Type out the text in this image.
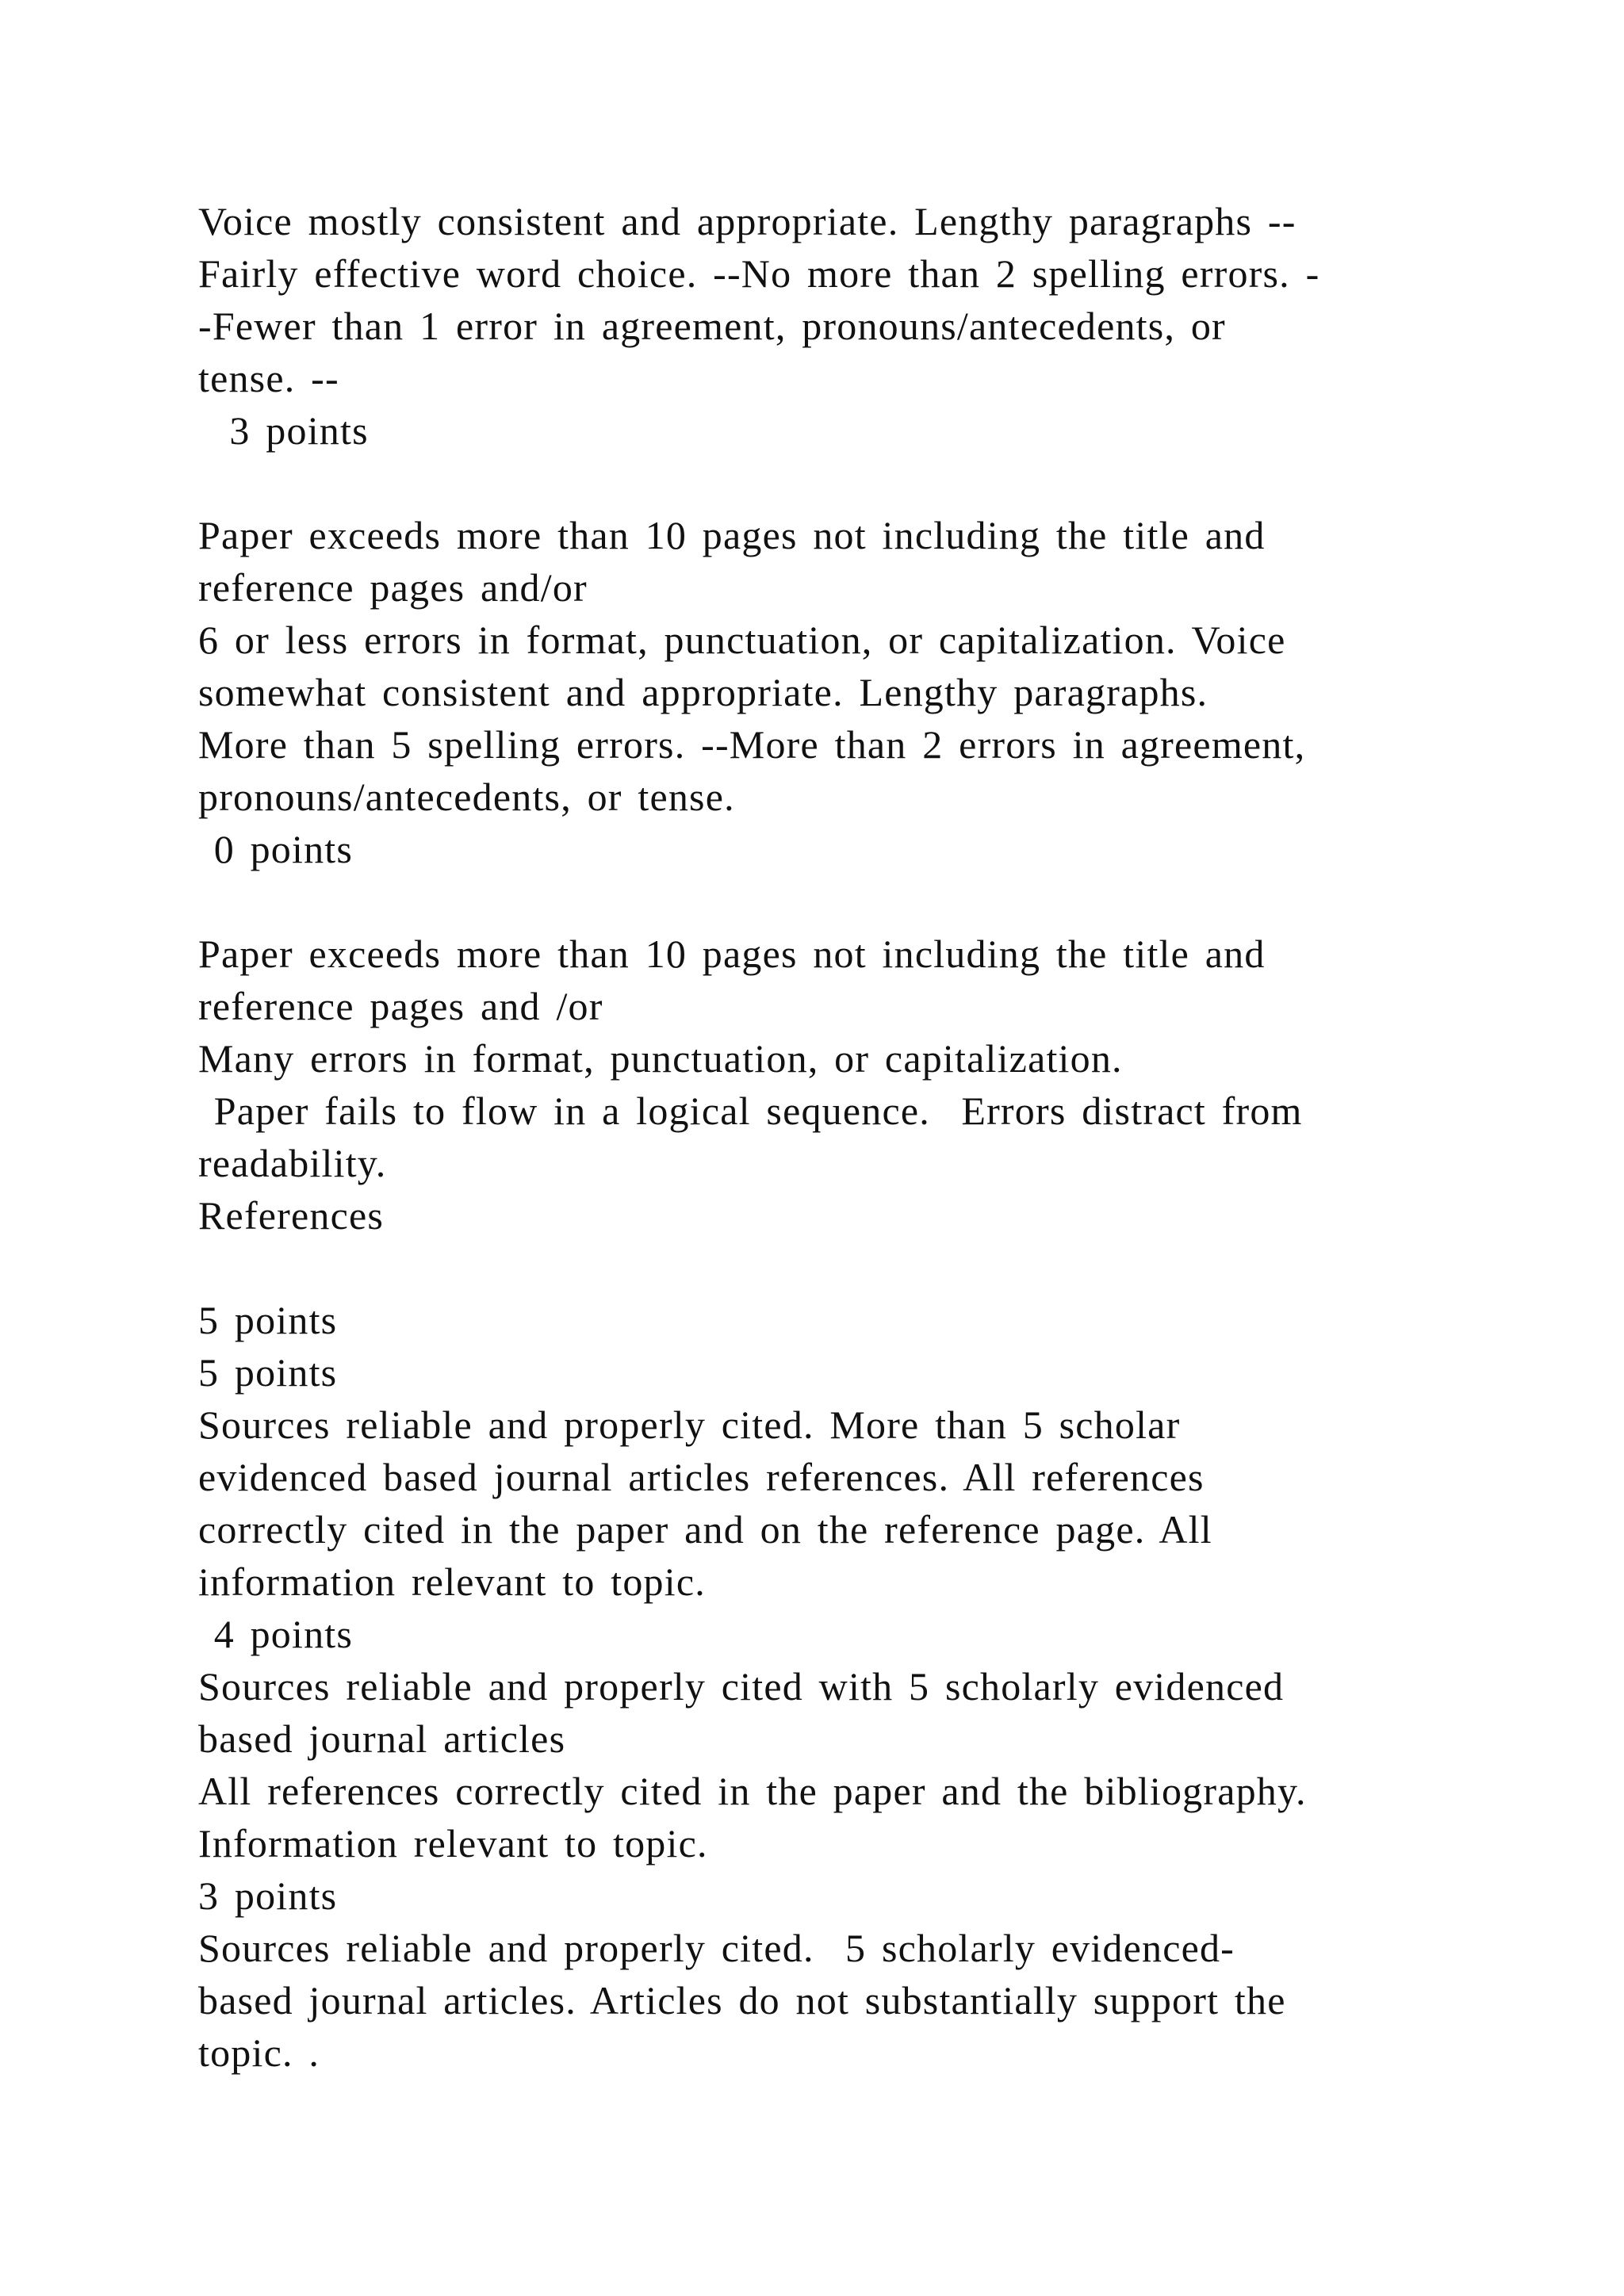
Voice mostly consistent and appropriate. Lengthy paragraphs --
Fairly effective word choice. --No more than 2 spelling errors. -
-Fewer than 1 error in agreement, pronouns/antecedents, or
tense. --
3 points
Paper exceeds more than 10 pages not including the title and
reference pages and/or
6 or less errors in format, punctuation, or capitalization. Voice
somewhat consistent and appropriate. Lengthy paragraphs.
More than 5 spelling errors. --More than 2 errors in agreement,
pronouns/antecedents, or tense.
0 points
Paper exceeds more than 10 pages not including the title and
reference pages and /or
Many errors in format, punctuation, or capitalization.
Paper fails to flow in a logical sequence.  Errors distract from
readability.
References
5 points
5 points
Sources reliable and properly cited. More than 5 scholar
evidenced based journal articles references. All references
correctly cited in the paper and on the reference page. All
information relevant to topic.
4 points
Sources reliable and properly cited with 5 scholarly evidenced
based journal articles
All references correctly cited in the paper and the bibliography.
Information relevant to topic.
3 points
Sources reliable and properly cited.  5 scholarly evidenced-
based journal articles. Articles do not substantially support the
topic. .
